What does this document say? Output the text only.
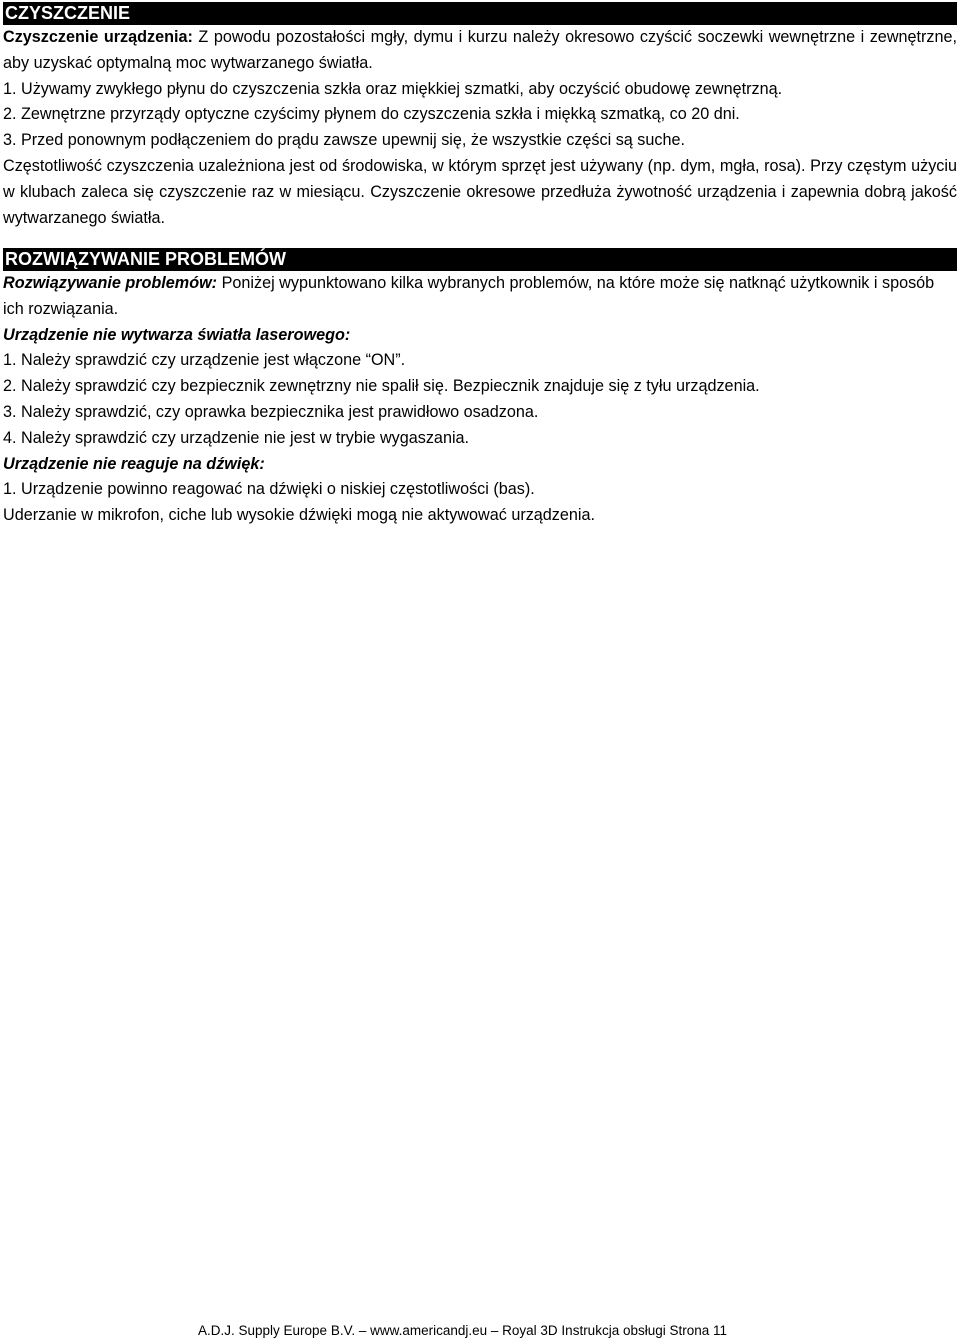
CZYSZCZENIE

Czyszczenie urządzenia: Z powodu pozostałości mgły, dymu i kurzu należy okresowo czyścić soczewki wewnętrzne i zewnętrzne, aby uzyskać optymalną moc wytwarzanego światła.

1. Używamy zwykłego płynu do czyszczenia szkła oraz miękkiej szmatki, aby oczyścić obudowę zewnętrzną.

2. Zewnętrzne przyrządy optyczne czyścimy płynem do czyszczenia szkła i miękką szmatką, co 20 dni.

3. Przed ponownym podłączeniem do prądu zawsze upewnij się, że wszystkie części są suche.

Częstotliwość czyszczenia uzależniona jest od środowiska, w którym sprzęt jest używany (np. dym, mgła, rosa). Przy częstym użyciu w klubach zaleca się czyszczenie raz w miesiącu. Czyszczenie okresowe przedłuża żywotność urządzenia i zapewnia dobrą jakość wytwarzanego światła.

ROZWIĄZYWANIE PROBLEMÓW

Rozwiązywanie problemów: Poniżej wypunktowano kilka wybranych problemów, na które może się natknąć użytkownik i sposób ich rozwiązania.

Urządzenie nie wytwarza światła laserowego:

1. Należy sprawdzić czy urządzenie jest włączone “ON”.

2. Należy sprawdzić czy bezpiecznik zewnętrzny nie spalił się. Bezpiecznik znajduje się z tyłu urządzenia.

3. Należy sprawdzić, czy oprawka bezpiecznika jest prawidłowo osadzona.

4. Należy sprawdzić czy urządzenie nie jest w trybie wygaszania.

Urządzenie nie reaguje na dźwięk:

1. Urządzenie powinno reagować na dźwięki o niskiej częstotliwości (bas).

Uderzanie w mikrofon, ciche lub wysokie dźwięki mogą nie aktywować urządzenia.

A.D.J. Supply Europe B.V. – www.americandj.eu – Royal 3D Instrukcja obsługi Strona 11
